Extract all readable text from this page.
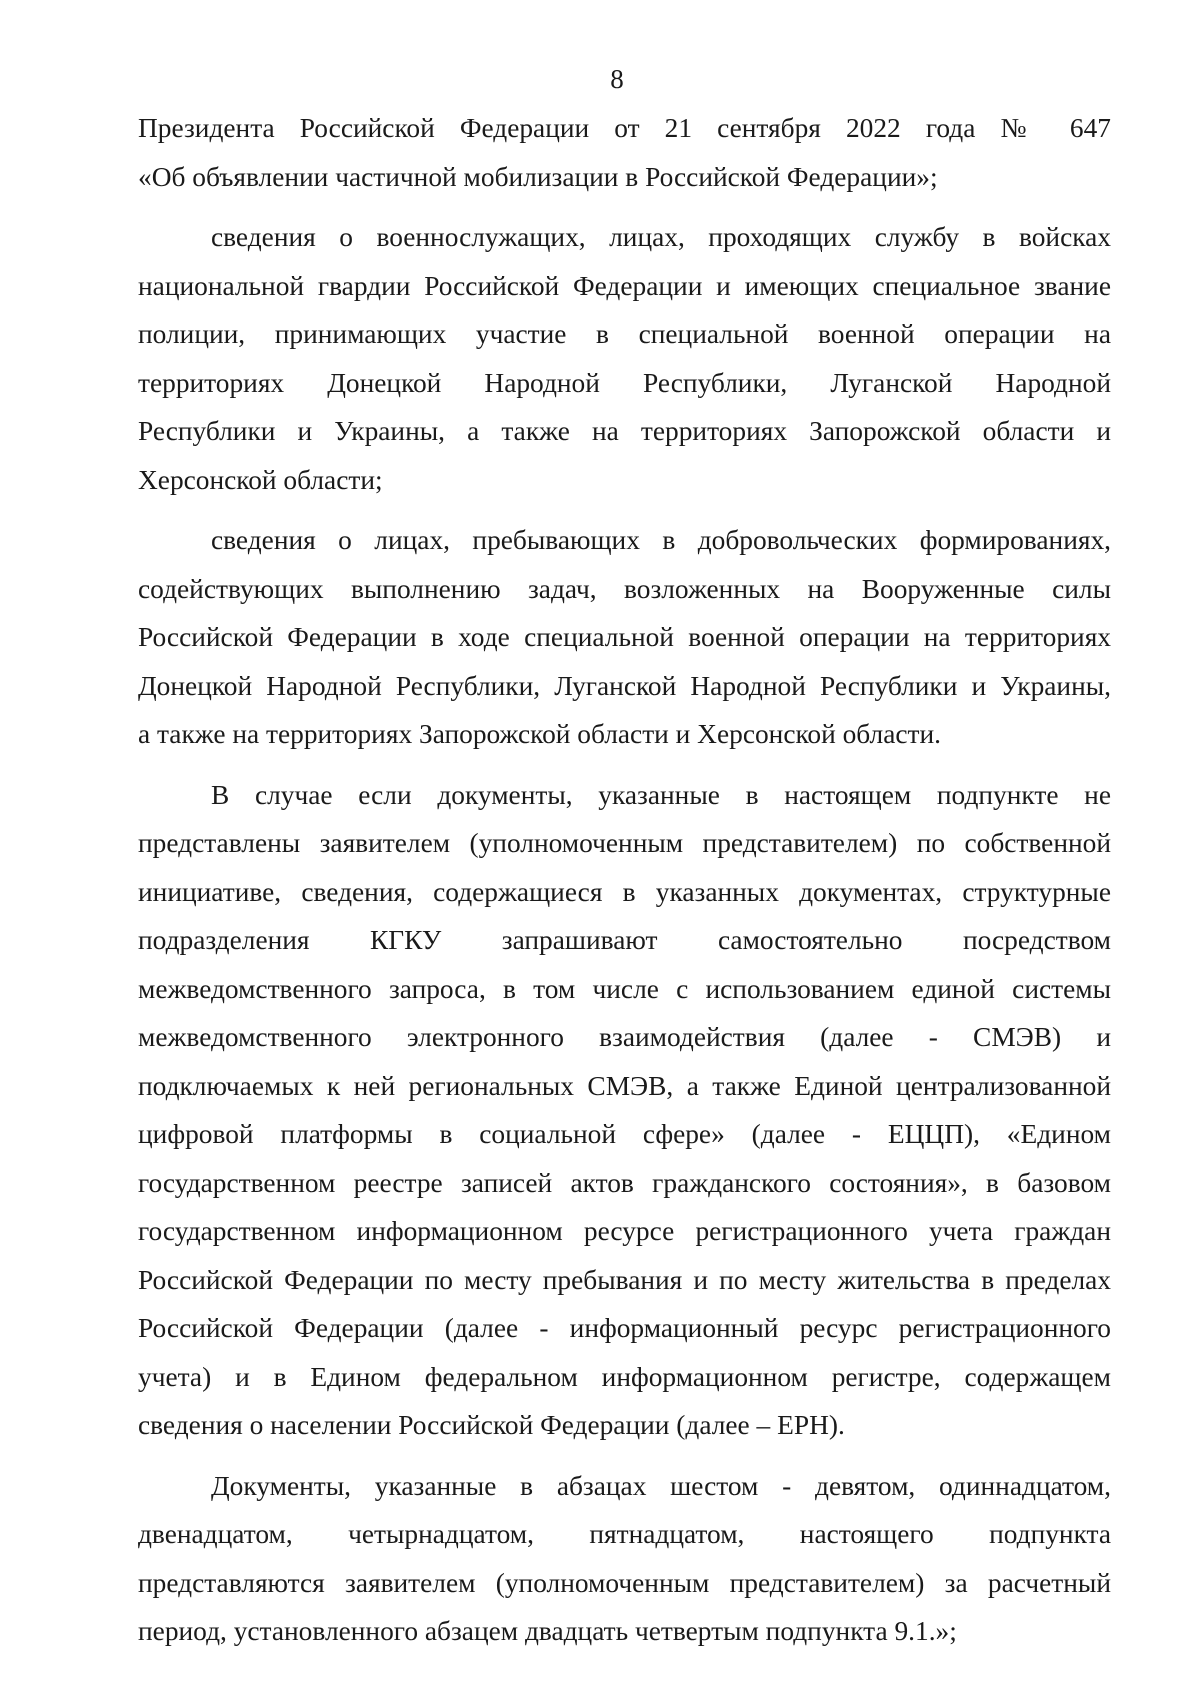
8
Президента Российской Федерации от 21 сентября 2022 года № 647
«Об объявлении частичной мобилизации в Российской Федерации»;
сведения о военнослужащих, лицах, проходящих службу в войсках
национальной гвардии Российской Федерации и имеющих специальное звание
полиции, принимающих участие в специальной военной операции на
территориях Донецкой Народной Республики, Луганской Народной
Республики и Украины, а также на территориях Запорожской области и
Херсонской области;
сведения о лицах, пребывающих в добровольческих формированиях,
содействующих выполнению задач, возложенных на Вооруженные силы
Российской Федерации в ходе специальной военной операции на территориях
Донецкой Народной Республики, Луганской Народной Республики и Украины,
а также на территориях Запорожской области и Херсонской области.
В случае если документы, указанные в настоящем подпункте не
представлены заявителем (уполномоченным представителем) по собственной
инициативе, сведения, содержащиеся в указанных документах, структурные
подразделения КГКУ запрашивают самостоятельно посредством
межведомственного запроса, в том числе с использованием единой системы
межведомственного электронного взаимодействия (далее - СМЭВ) и
подключаемых к ней региональных СМЭВ, а также Единой централизованной
цифровой платформы в социальной сфере» (далее - ЕЦЦП), «Едином
государственном реестре записей актов гражданского состояния», в базовом
государственном информационном ресурсе регистрационного учета граждан
Российской Федерации по месту пребывания и по месту жительства в пределах
Российской Федерации (далее - информационный ресурс регистрационного
учета) и в Едином федеральном информационном регистре, содержащем
сведения о населении Российской Федерации (далее – ЕРН).
Документы, указанные в абзацах шестом - девятом, одиннадцатом,
двенадцатом, четырнадцатом, пятнадцатом, настоящего подпункта
представляются заявителем (уполномоченным представителем) за расчетный
период, установленного абзацем двадцать четвертым подпункта 9.1.»;
